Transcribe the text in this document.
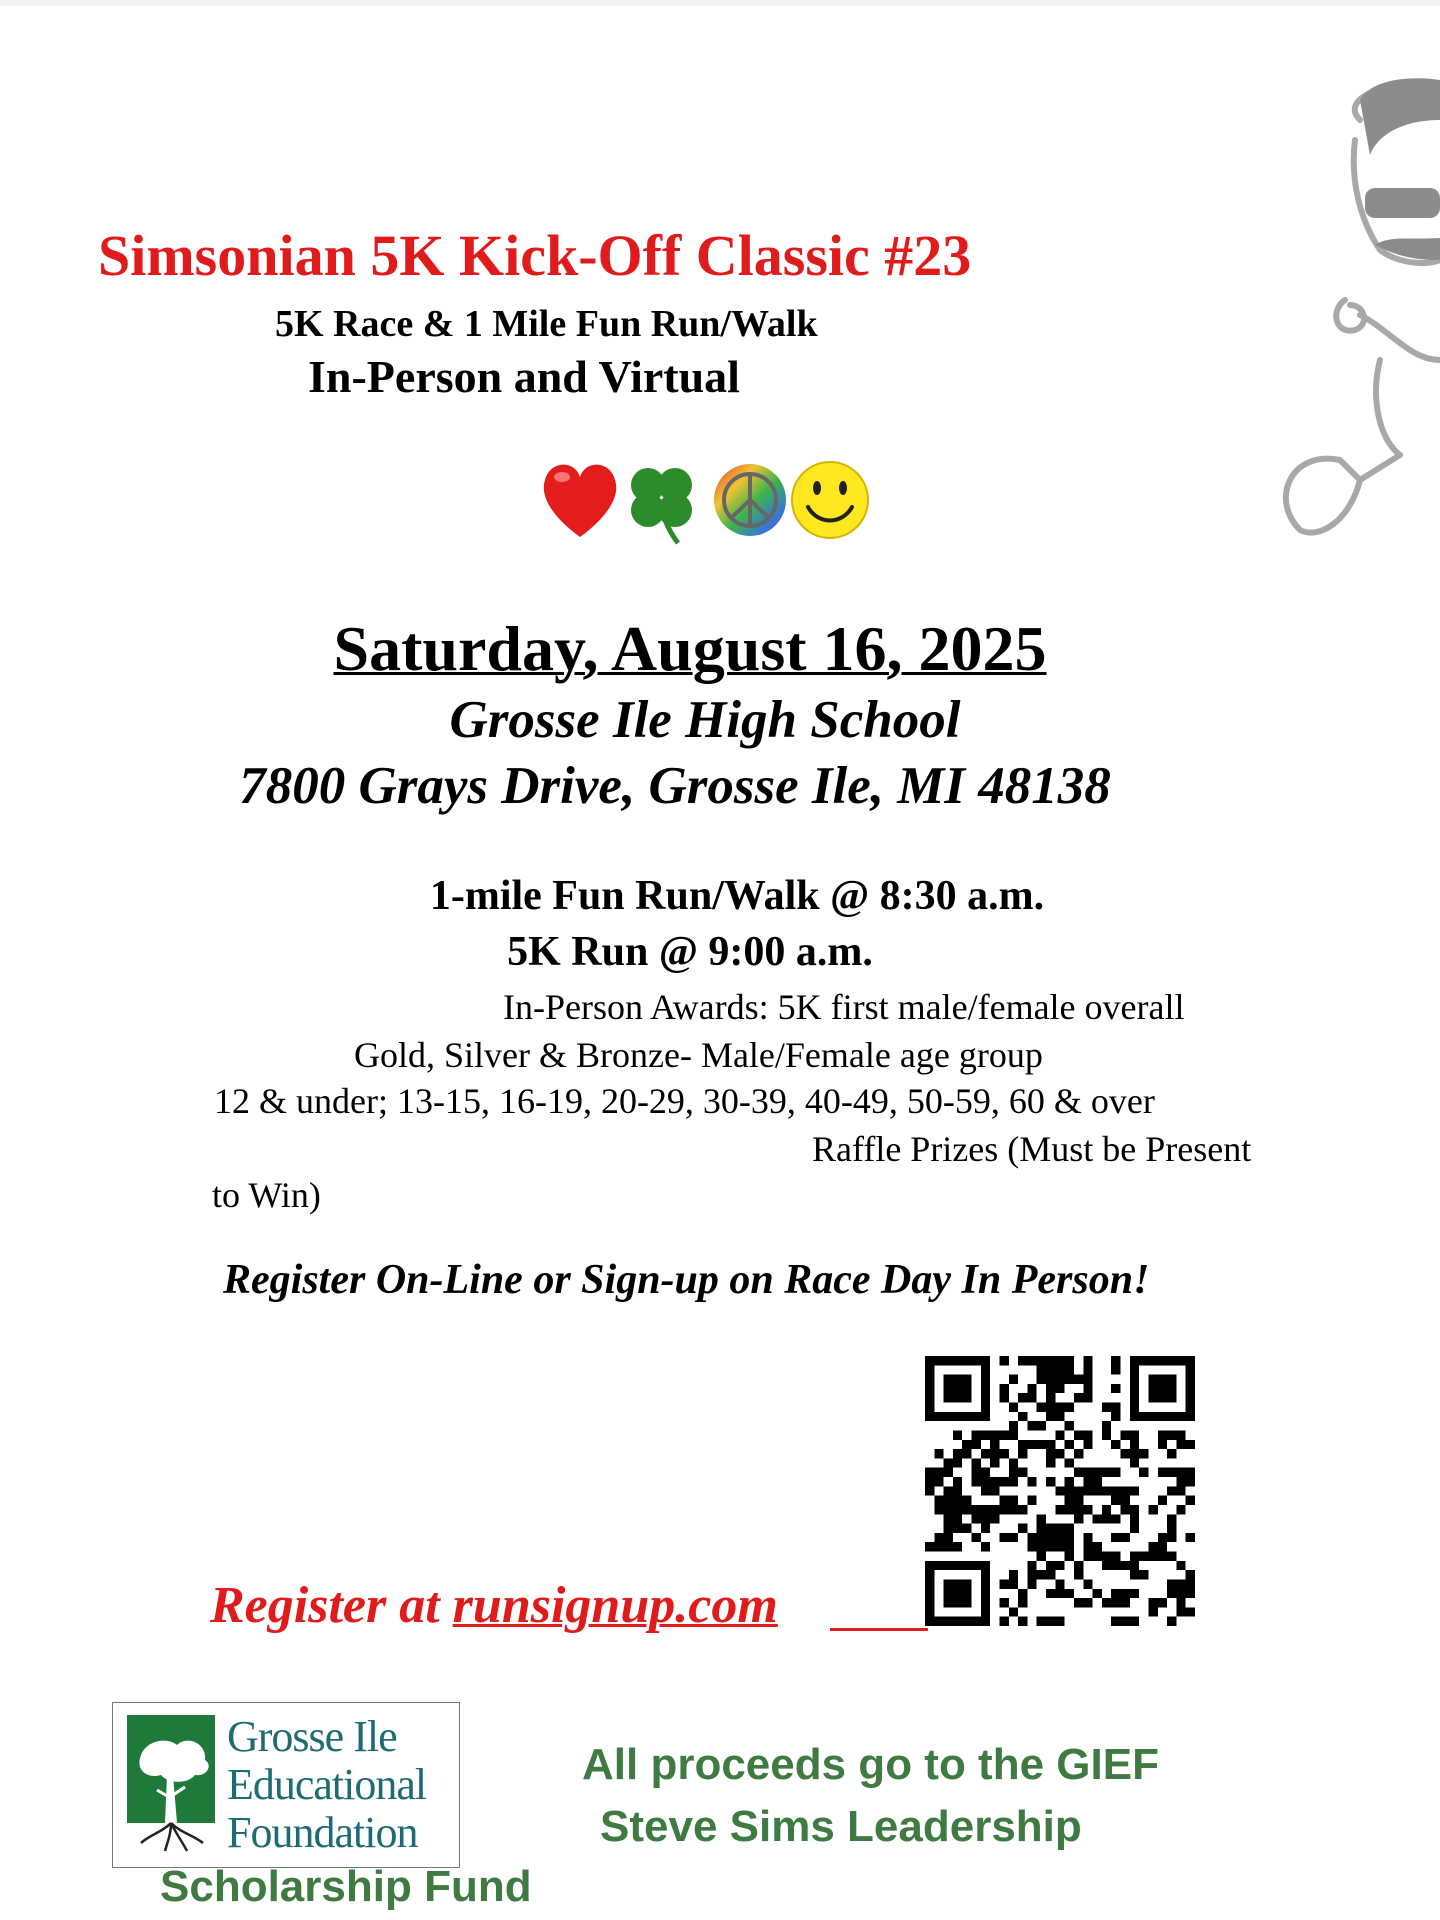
Simsonian 5K Kick-Off Classic #23
5K Race & 1 Mile Fun Run/Walk
In-Person and Virtual
Saturday, August 16, 2025
Grosse Ile High School
7800 Grays Drive, Grosse Ile, MI 48138
1-mile Fun Run/Walk @ 8:30 a.m.
5K Run @ 9:00 a.m.
In-Person Awards: 5K first male/female overall
Gold, Silver & Bronze- Male/Female age group
12 & under; 13-15, 16-19, 20-29, 30-39, 40-49, 50-59, 60 & over
Raffle Prizes (Must be Present
to Win)
Register On-Line or Sign-up on Race Day In Person!
Register at runsignup.com
Grosse Ile
Educational
Foundation
All proceeds go to the GIEF
Steve Sims Leadership
Scholarship Fund
